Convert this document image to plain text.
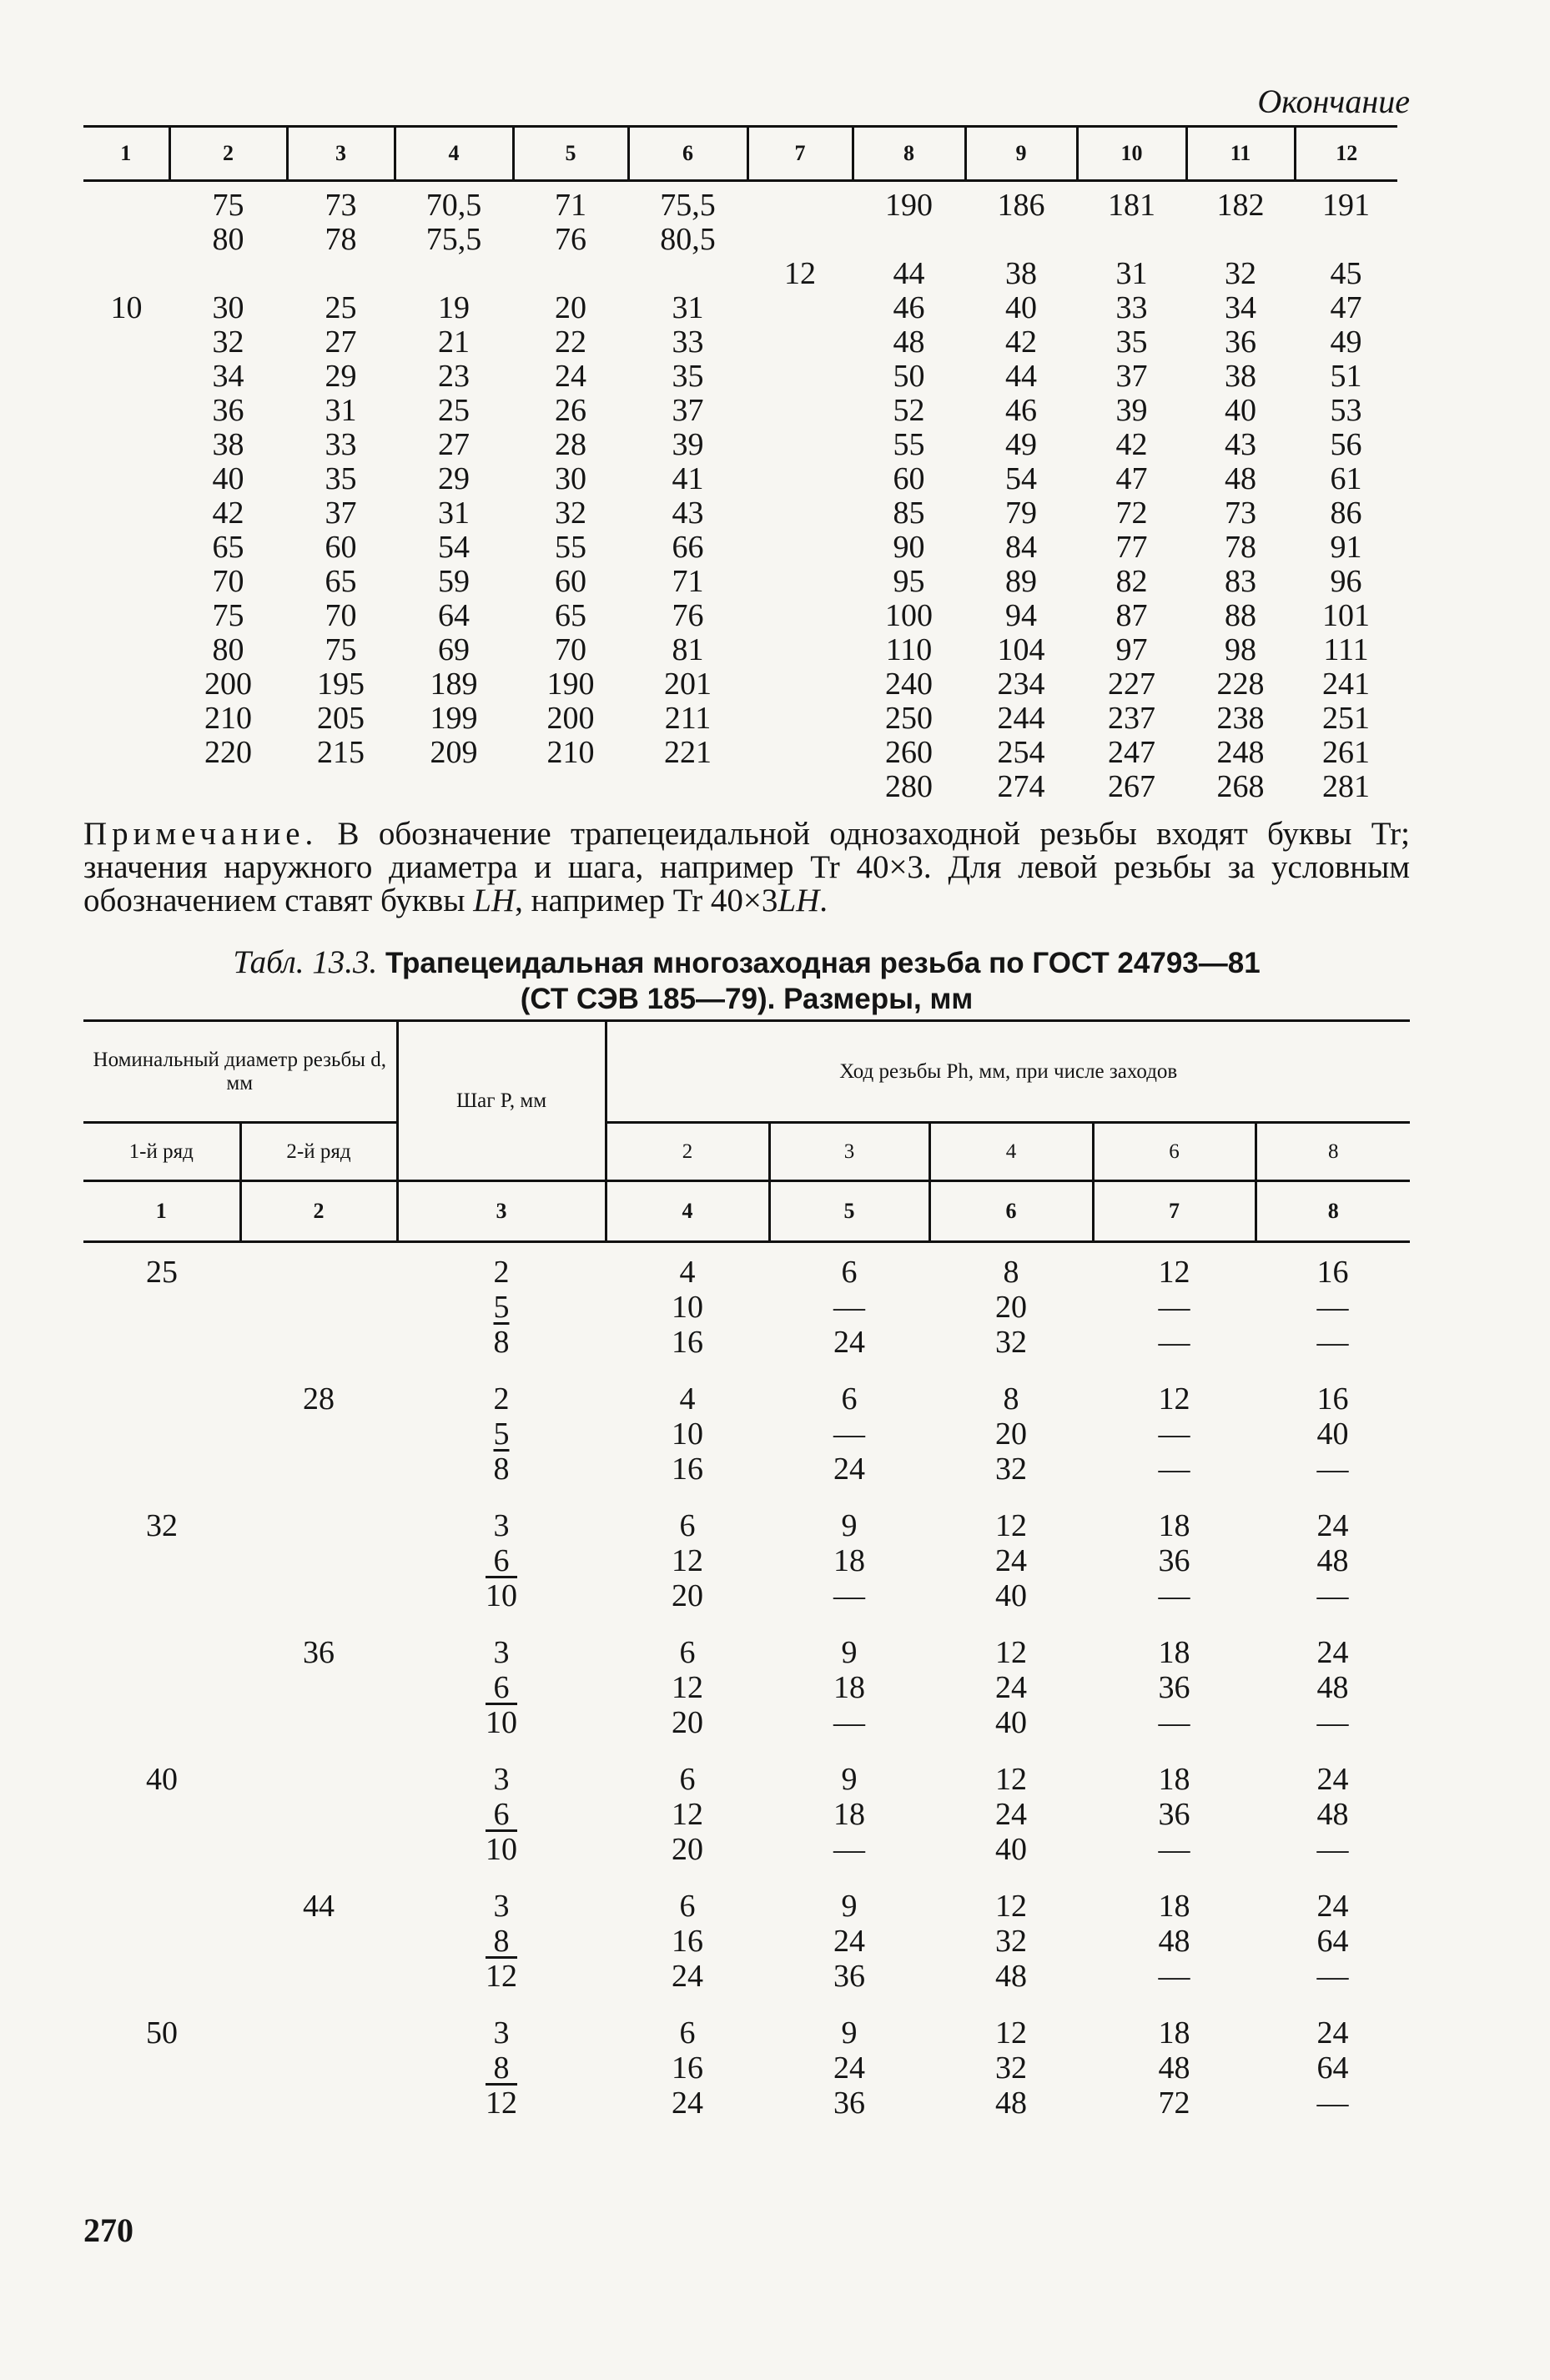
Окончание
1	2	3	4	5	6	7	8	9	10	11	12
	75	73	70,5	71	75,5		190	186	181	182	191
	80	78	75,5	76	80,5						
						12	44	38	31	32	45
10	30	25	19	20	31		46	40	33	34	47
	32	27	21	22	33		48	42	35	36	49
	34	29	23	24	35		50	44	37	38	51
	36	31	25	26	37		52	46	39	40	53
	38	33	27	28	39		55	49	42	43	56
	40	35	29	30	41		60	54	47	48	61
	42	37	31	32	43		85	79	72	73	86
	65	60	54	55	66		90	84	77	78	91
	70	65	59	60	71		95	89	82	83	96
	75	70	64	65	76		100	94	87	88	101
	80	75	69	70	81		110	104	97	98	111
	200	195	189	190	201		240	234	227	228	241
	210	205	199	200	211		250	244	237	238	251
	220	215	209	210	221		260	254	247	248	261
							280	274	267	268	281
Примечание. В обозначение трапецеидальной однозаходной резьбы входят буквы Tr; значения наружного диаметра и шага, например Tr 40×3. Для левой резьбы за условным обозначением ставят буквы LH, например Tr 40×3LH.
Табл. 13.3. Трапецеидальная многозаходная резьба по ГОСТ 24793—81
(СТ СЭВ 185—79). Размеры, мм
Номинальный диаметр резьбы d, мм		Шаг P, мм	Ход резьбы Ph, мм, при числе заходов				
1-й ряд	2-й ряд		2	3	4	6	8
1	2	3	4	5	6	7	8
25		2	4	6	8	12	16
		5	10	—	20	—	—
		8	16	24	32	—	—
	28	2	4	6	8	12	16
		5	10	—	20	—	40
		8	16	24	32	—	—
32		3	6	9	12	18	24
		6	12	18	24	36	48
		10	20	—	40	—	—
	36	3	6	9	12	18	24
		6	12	18	24	36	48
		10	20	—	40	—	—
40		3	6	9	12	18	24
		6	12	18	24	36	48
		10	20	—	40	—	—
	44	3	6	9	12	18	24
		8	16	24	32	48	64
		12	24	36	48	—	—
50		3	6	9	12	18	24
		8	16	24	32	48	64
		12	24	36	48	72	—
270
